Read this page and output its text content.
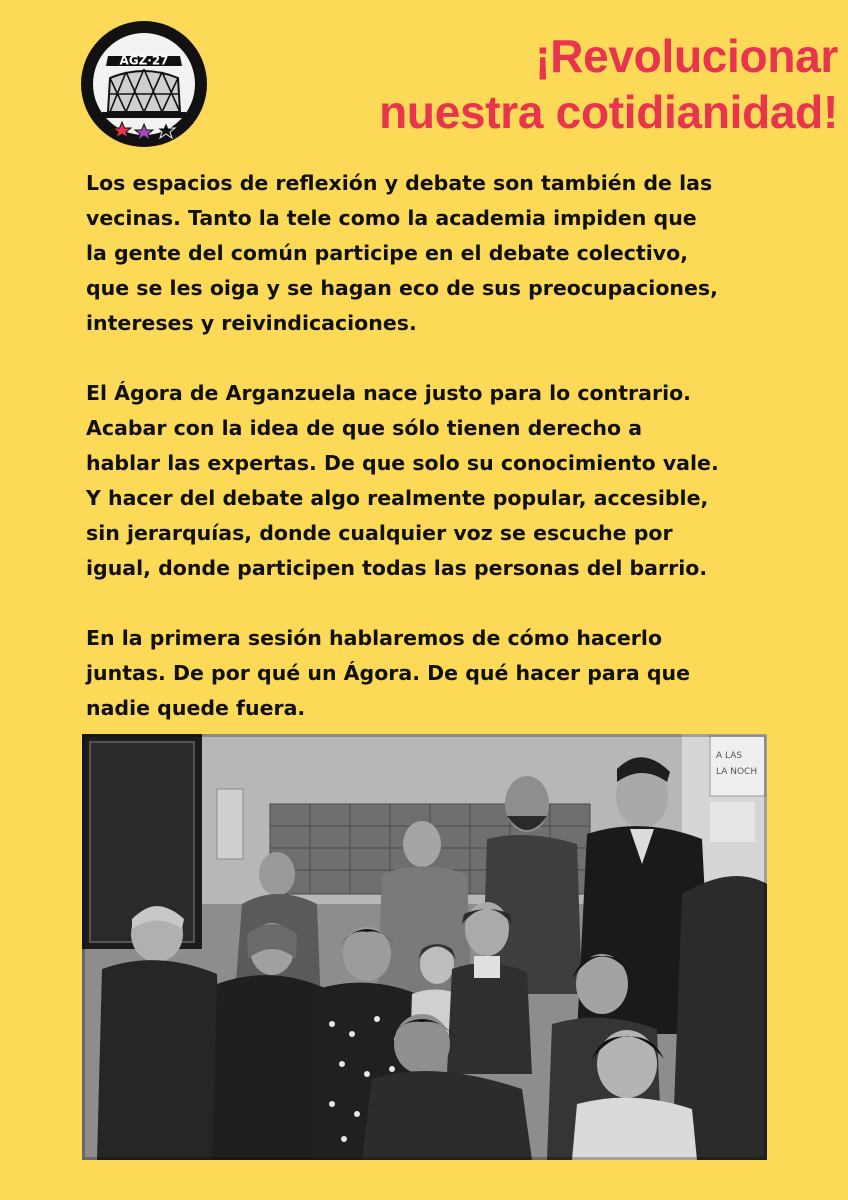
AGZ·27	¡Revolucionar
nuestra cotidianidad!

Los espacios de reflexión y debate son también de las
vecinas. Tanto la tele como la academia impiden que
la gente del común participe en el debate colectivo,
que se les oiga y se hagan eco de sus preocupaciones,
intereses y reivindicaciones.

El Ágora de Arganzuela nace justo para lo contrario.
Acabar con la idea de que sólo tienen derecho a
hablar las expertas. De que solo su conocimiento vale.
Y hacer del debate algo realmente popular, accesible,
sin jerarquías, donde cualquier voz se escuche por
igual, donde participen todas las personas del barrio.

En la primera sesión hablaremos de cómo hacerlo
juntas. De por qué un Ágora. De qué hacer para que
nadie quede fuera.

A LAS
LA NOCH
